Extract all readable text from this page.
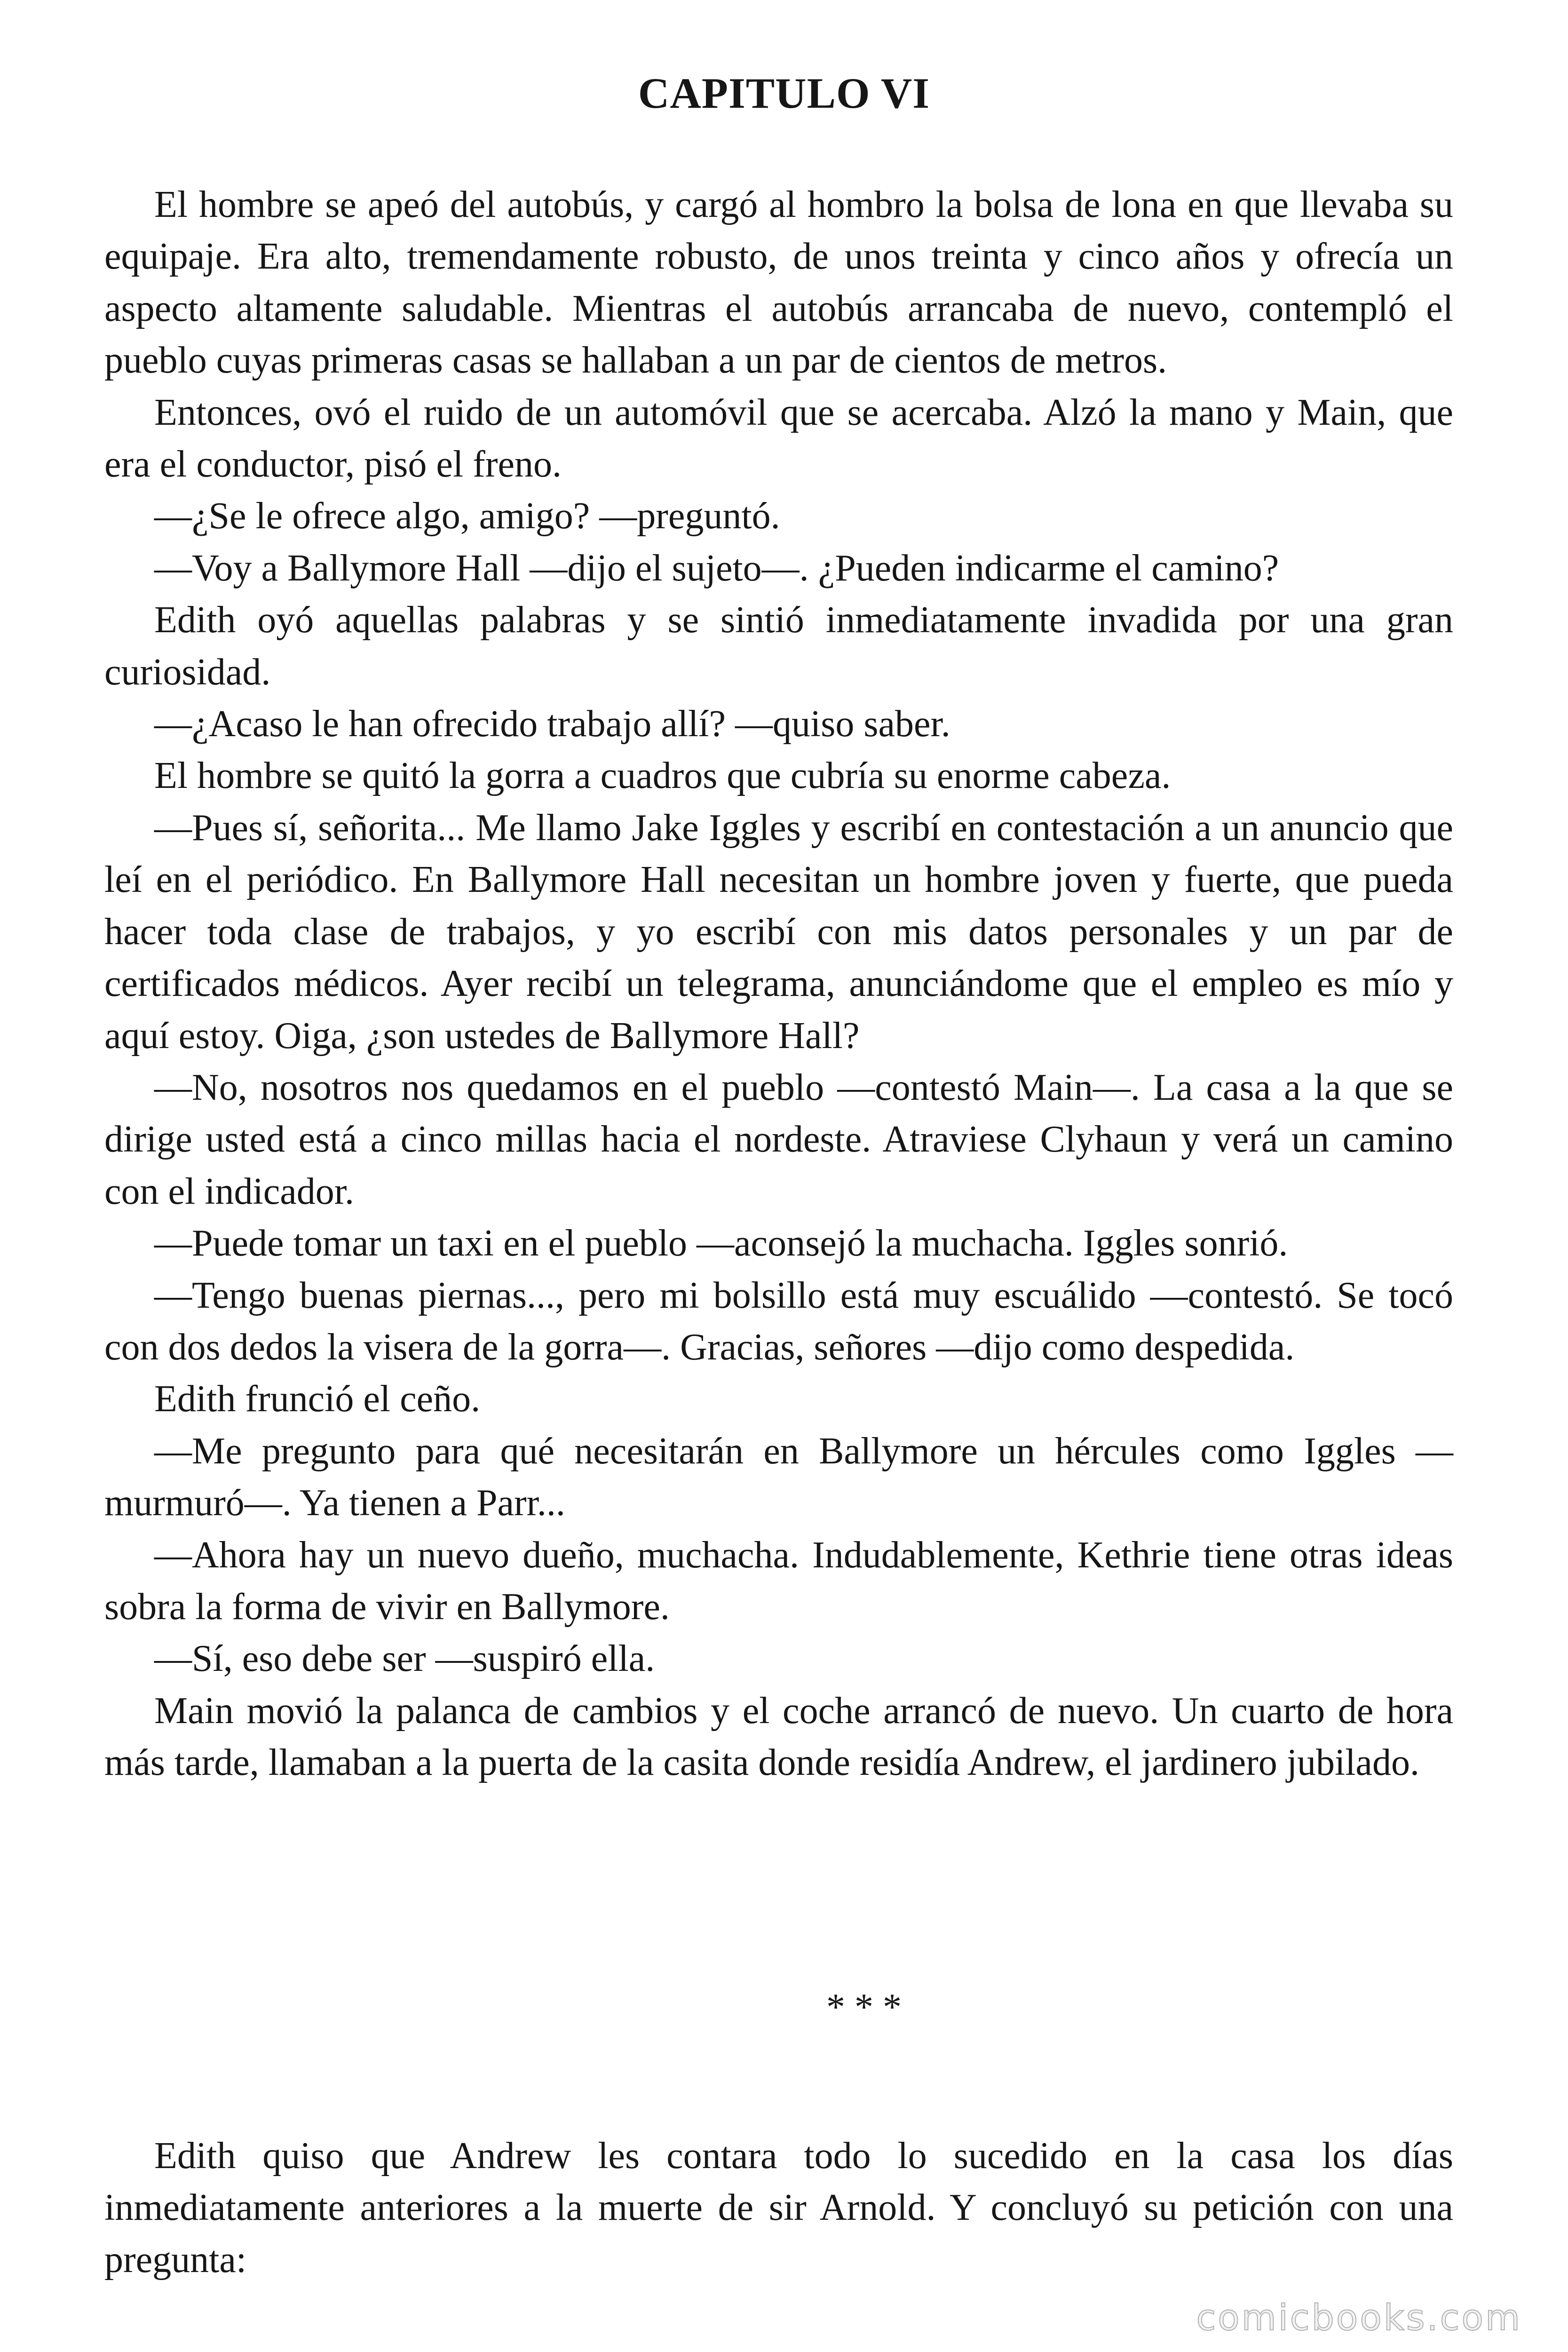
CAPITULO VI

El hombre se apeó del autobús, y cargó al hombro la bolsa de lona en que llevaba su equipaje. Era alto, tremendamente robusto, de unos treinta y cinco años y ofrecía un aspecto altamente saludable. Mientras el autobús arrancaba de nuevo, contempló el pueblo cuyas primeras casas se hallaban a un par de cientos de metros.

Entonces, ovó el ruido de un automóvil que se acercaba. Alzó la mano y Main, que era el conductor, pisó el freno.

—¿Se le ofrece algo, amigo? —preguntó.

—Voy a Ballymore Hall —dijo el sujeto—. ¿Pueden indicarme el camino?

Edith oyó aquellas palabras y se sintió inmediatamente invadida por una gran curiosidad.

—¿Acaso le han ofrecido trabajo allí? —quiso saber.

El hombre se quitó la gorra a cuadros que cubría su enorme cabeza.

—Pues sí, señorita... Me llamo Jake Iggles y escribí en contestación a un anuncio que leí en el periódico. En Ballymore Hall necesitan un hombre joven y fuerte, que pueda hacer toda clase de trabajos, y yo escribí con mis datos personales y un par de certificados médicos. Ayer recibí un telegrama, anunciándome que el empleo es mío y aquí estoy. Oiga, ¿son ustedes de Ballymore Hall?

—No, nosotros nos quedamos en el pueblo —contestó Main—. La casa a la que se dirige usted está a cinco millas hacia el nordeste. Atraviese Clyhaun y verá un camino con el indicador.

—Puede tomar un taxi en el pueblo —aconsejó la muchacha. Iggles sonrió.

—Tengo buenas piernas..., pero mi bolsillo está muy escuálido —contestó. Se tocó con dos dedos la visera de la gorra—. Gracias, señores —dijo como despedida.

Edith frunció el ceño.

—Me pregunto para qué necesitarán en Ballymore un hércules como Iggles — murmuró—. Ya tienen a Parr...

—Ahora hay un nuevo dueño, muchacha. Indudablemente, Kethrie tiene otras ideas sobra la forma de vivir en Ballymore.

—Sí, eso debe ser —suspiró ella.

Main movió la palanca de cambios y el coche arrancó de nuevo. Un cuarto de hora más tarde, llamaban a la puerta de la casita donde residía Andrew, el jardinero jubilado.

* * *

Edith quiso que Andrew les contara todo lo sucedido en la casa los días inmediatamente anteriores a la muerte de sir Arnold. Y concluyó su petición con una pregunta:

comicbooks.com
